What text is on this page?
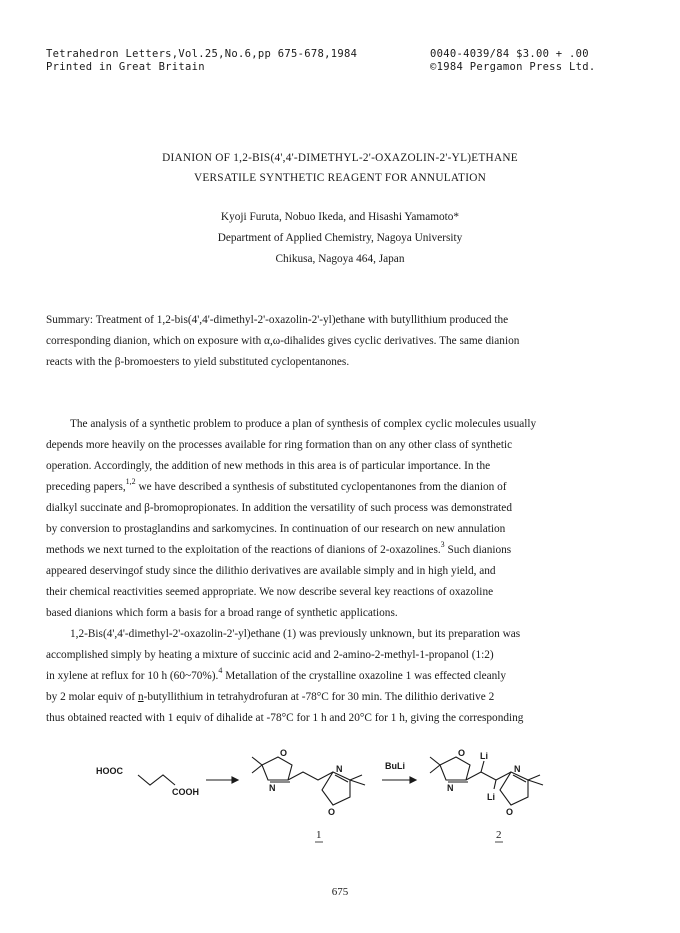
Tetrahedron Letters,Vol.25,No.6,pp 675-678,1984
Printed in Great Britain
0040-4039/84 $3.00 + .00
©1984 Pergamon Press Ltd.
DIANION OF 1,2-BIS(4',4'-DIMETHYL-2'-OXAZOLIN-2'-YL)ETHANE
VERSATILE SYNTHETIC REAGENT FOR ANNULATION
Kyoji Furuta, Nobuo Ikeda, and Hisashi Yamamoto*
Department of Applied Chemistry, Nagoya University
Chikusa, Nagoya 464, Japan
Summary: Treatment of 1,2-bis(4',4'-dimethyl-2'-oxazolin-2'-yl)ethane with butyllithium produced the
corresponding dianion, which on exposure with α,ω-dihalides gives cyclic derivatives. The same dianion
reacts with the β-bromoesters to yield substituted cyclopentanones.
The analysis of a synthetic problem to produce a plan of synthesis of complex cyclic molecules usually
depends more heavily on the processes available for ring formation than on any other class of synthetic
operation. Accordingly, the addition of new methods in this area is of particular importance. In the
preceding papers,$^{1,2}$ we have described a synthesis of substituted cyclopentanones from the dianion of
dialkyl succinate and β-bromopropionates. In addition the versatility of such process was demonstrated
by conversion to prostaglandins and sarkomycines. In continuation of our research on new annulation
methods we next turned to the exploitation of the reactions of dianions of 2-oxazolines.$^3$ Such dianions
appeared deservingof study since the dilithio derivatives are available simply and in high yield, and
their chemical reactivities seemed appropriate. We now describe several key reactions of oxazoline
based dianions which form a basis for a broad range of synthetic applications.
1,2-Bis(4',4'-dimethyl-2'-oxazolin-2'-yl)ethane (1) was previously unknown, but its preparation was
accomplished simply by heating a mixture of succinic acid and 2-amino-2-methyl-1-propanol (1:2)
in xylene at reflux for 10 h (60~70%).$^4$ Metallation of the crystalline oxazoline 1 was effected cleanly
by 2 molar equiv of n-butyllithium in tetrahydrofuran at -78°C for 30 min. The dilithio derivative 2
thus obtained reacted with 1 equiv of dihalide at -78°C for 1 h and 20°C for 1 h, giving the corresponding
HOOC
COOH
O
N
N
O
BuLi
O
N
Li
Li
N
O
1	2
675
